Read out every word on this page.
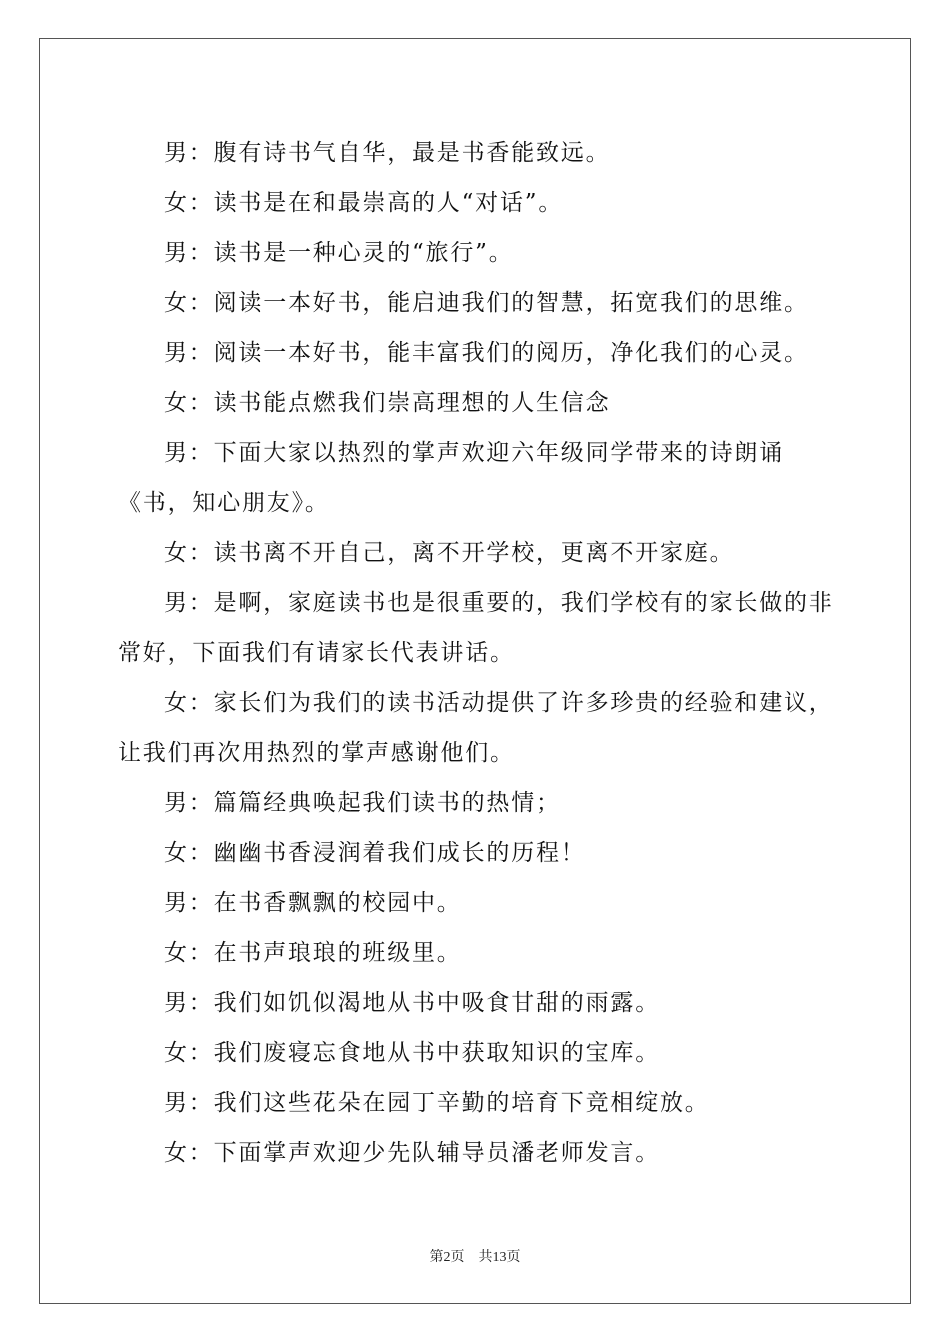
男：腹有诗书气自华，最是书香能致远。

女：读书是在和最崇高的人“对话”。

男：读书是一种心灵的“旅行”。

女：阅读一本好书，能启迪我们的智慧，拓宽我们的思维。

男：阅读一本好书，能丰富我们的阅历，净化我们的心灵。

女：读书能点燃我们崇高理想的人生信念

男：下面大家以热烈的掌声欢迎六年级同学带来的诗朗诵《书，知心朋友》。

女：读书离不开自己，离不开学校，更离不开家庭。

男：是啊，家庭读书也是很重要的，我们学校有的家长做的非常好，下面我们有请家长代表讲话。

女：家长们为我们的读书活动提供了许多珍贵的经验和建议，让我们再次用热烈的掌声感谢他们。

男：篇篇经典唤起我们读书的热情；

女：幽幽书香浸润着我们成长的历程！

男：在书香飘飘的校园中。

女：在书声琅琅的班级里。

男：我们如饥似渴地从书中吸食甘甜的雨露。

女：我们废寝忘食地从书中获取知识的宝库。

男：我们这些花朵在园丁辛勤的培育下竞相绽放。

女：下面掌声欢迎少先队辅导员潘老师发言。

第2页　共13页
